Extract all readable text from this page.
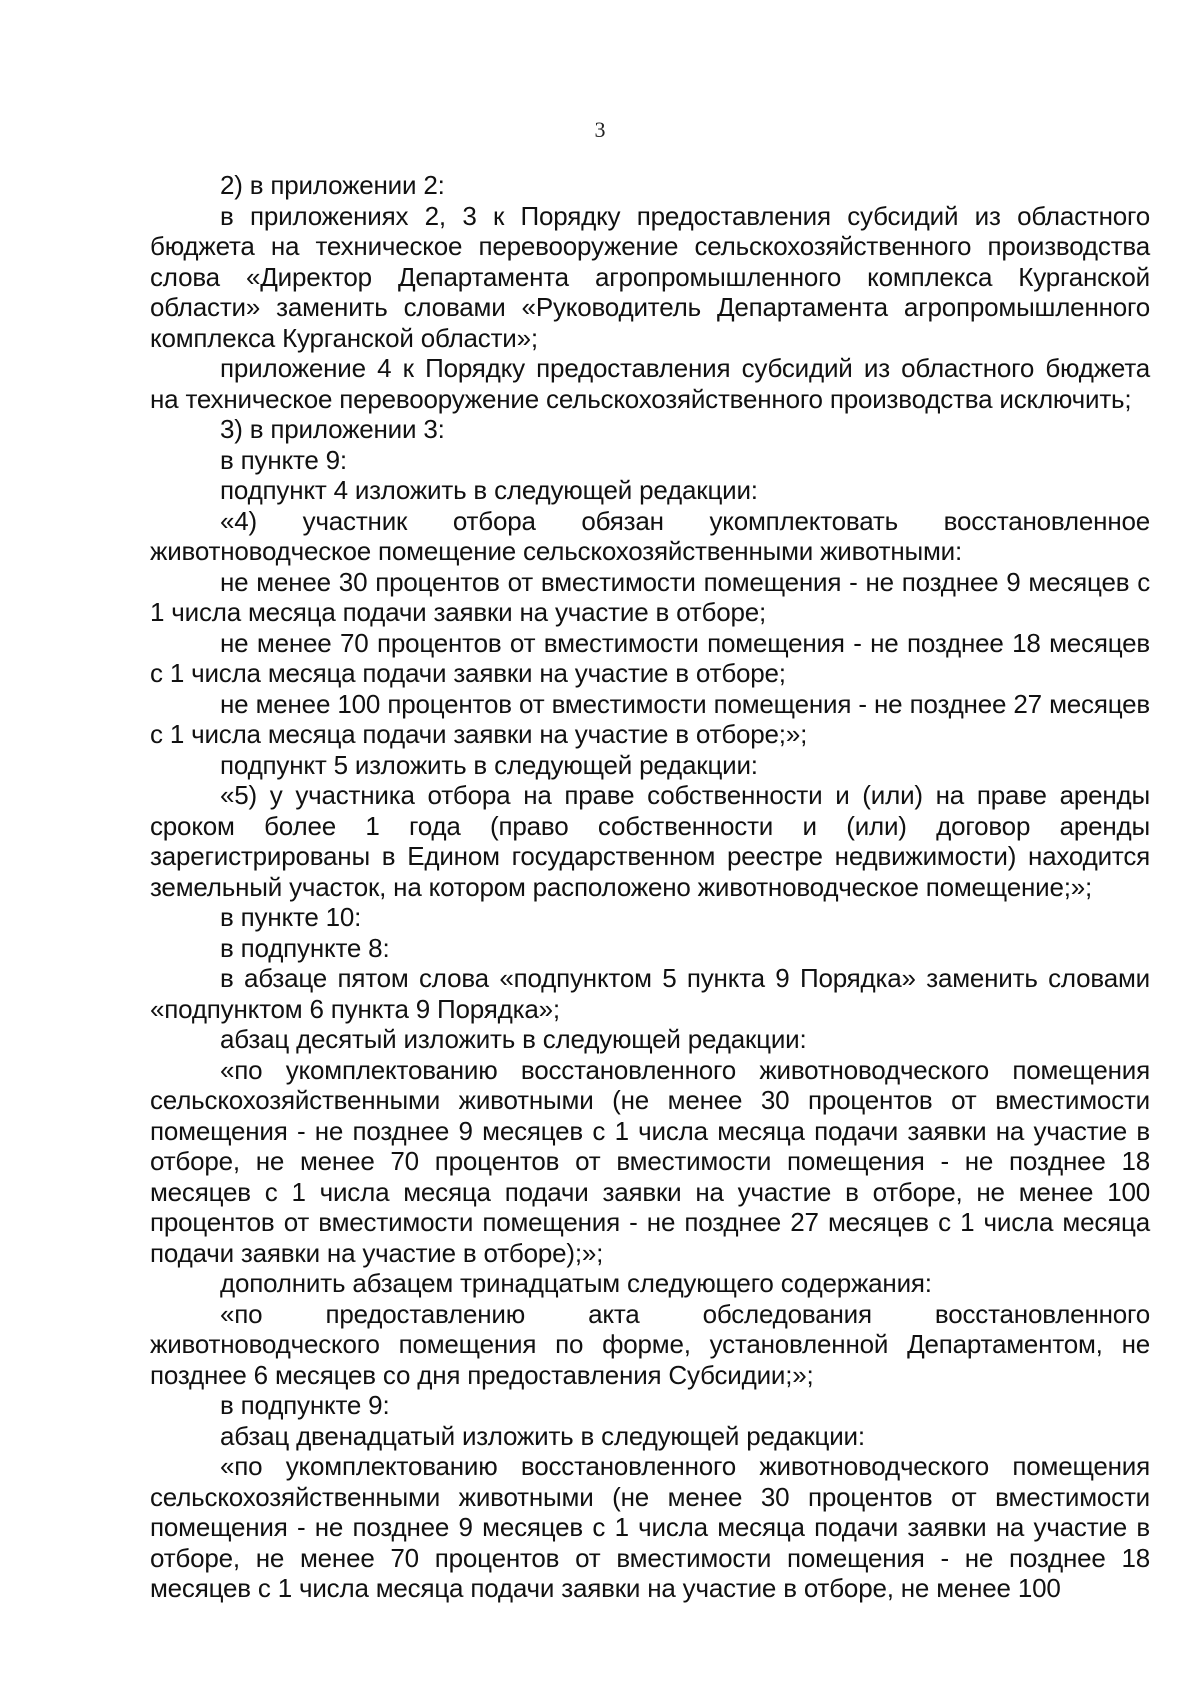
3

2) в приложении 2:

в приложениях 2, 3 к Порядку предоставления субсидий из областного бюджета на техническое перевооружение сельскохозяйственного производства слова «Директор Департамента агропромышленного комплекса Курганской области» заменить словами «Руководитель Департамента агропромышленного комплекса Курганской области»;

приложение 4 к Порядку предоставления субсидий из областного бюджета на техническое перевооружение сельскохозяйственного производства исключить;

3) в приложении 3:

в пункте 9:

подпункт 4 изложить в следующей редакции:

«4) участник отбора обязан укомплектовать восстановленное животноводческое помещение сельскохозяйственными животными:

не менее 30 процентов от вместимости помещения - не позднее 9 месяцев с 1 числа месяца подачи заявки на участие в отборе;

не менее 70 процентов от вместимости помещения - не позднее 18 месяцев с 1 числа месяца подачи заявки на участие в отборе;

не менее 100 процентов от вместимости помещения - не позднее 27 месяцев с 1 числа месяца подачи заявки на участие в отборе;»;

подпункт 5 изложить в следующей редакции:

«5) у участника отбора на праве собственности и (или) на праве аренды сроком более 1 года (право собственности и (или) договор аренды зарегистрированы в Едином государственном реестре недвижимости) находится земельный участок, на котором расположено животноводческое помещение;»;

в пункте 10:

в подпункте 8:

в абзаце пятом слова «подпунктом 5 пункта 9 Порядка» заменить словами «подпунктом 6 пункта 9 Порядка»;

абзац десятый изложить в следующей редакции:

«по укомплектованию восстановленного животноводческого помещения сельскохозяйственными животными (не менее 30 процентов от вместимости помещения - не позднее 9 месяцев с 1 числа месяца подачи заявки на участие в отборе, не менее 70 процентов от вместимости помещения - не позднее 18 месяцев с 1 числа месяца подачи заявки на участие в отборе, не менее 100 процентов от вместимости помещения - не позднее 27 месяцев с 1 числа месяца подачи заявки на участие в отборе);»;

дополнить абзацем тринадцатым следующего содержания:

«по предоставлению акта обследования восстановленного животноводческого помещения по форме, установленной Департаментом, не позднее 6 месяцев со дня предоставления Субсидии;»;

в подпункте 9:

абзац двенадцатый изложить в следующей редакции:

«по укомплектованию восстановленного животноводческого помещения сельскохозяйственными животными (не менее 30 процентов от вместимости помещения - не позднее 9 месяцев с 1 числа месяца подачи заявки на участие в отборе, не менее 70 процентов от вместимости помещения - не позднее 18 месяцев с 1 числа месяца подачи заявки на участие в отборе, не менее 100
